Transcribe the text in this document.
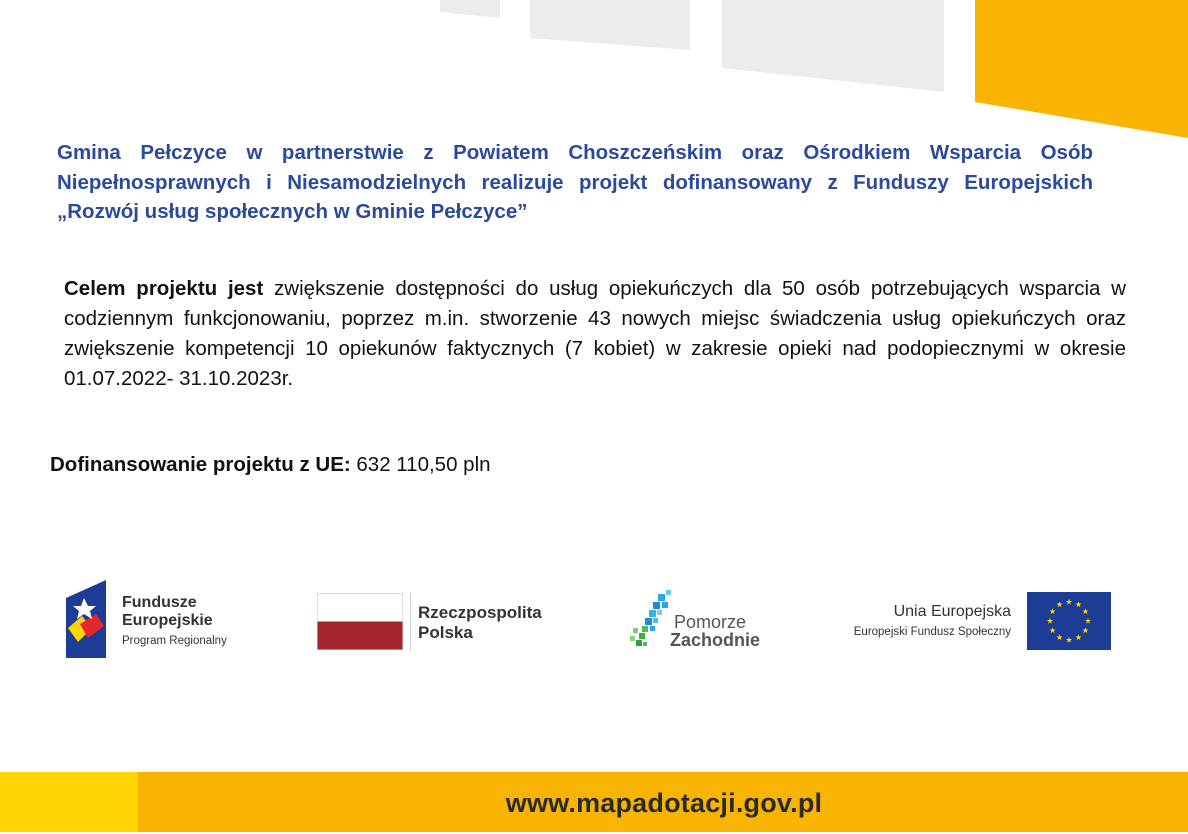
Gmina Pełczyce w partnerstwie z Powiatem Choszczeńskim oraz Ośrodkiem Wsparcia Osób Niepełnosprawnych i Niesamodzielnych realizuje projekt dofinansowany z Funduszy Europejskich „Rozwój usług społecznych w Gminie Pełczyce”

Celem projektu jest zwiększenie dostępności do usług opiekuńczych dla 50 osób potrzebujących wsparcia w codziennym funkcjonowaniu, poprzez m.in. stworzenie 43 nowych miejsc świadczenia usług opiekuńczych oraz zwiększenie kompetencji 10 opiekunów faktycznych (7 kobiet) w zakresie opieki nad podopiecznymi w okresie 01.07.2022- 31.10.2023r.

Dofinansowanie projektu z UE: 632 110,50 pln

Fundusze
Europejskie
Program Regionalny
Rzeczpospolita
Polska
Pomorze
Zachodnie
Unia Europejska
Europejski Fundusz Społeczny
www.mapadotacji.gov.pl
